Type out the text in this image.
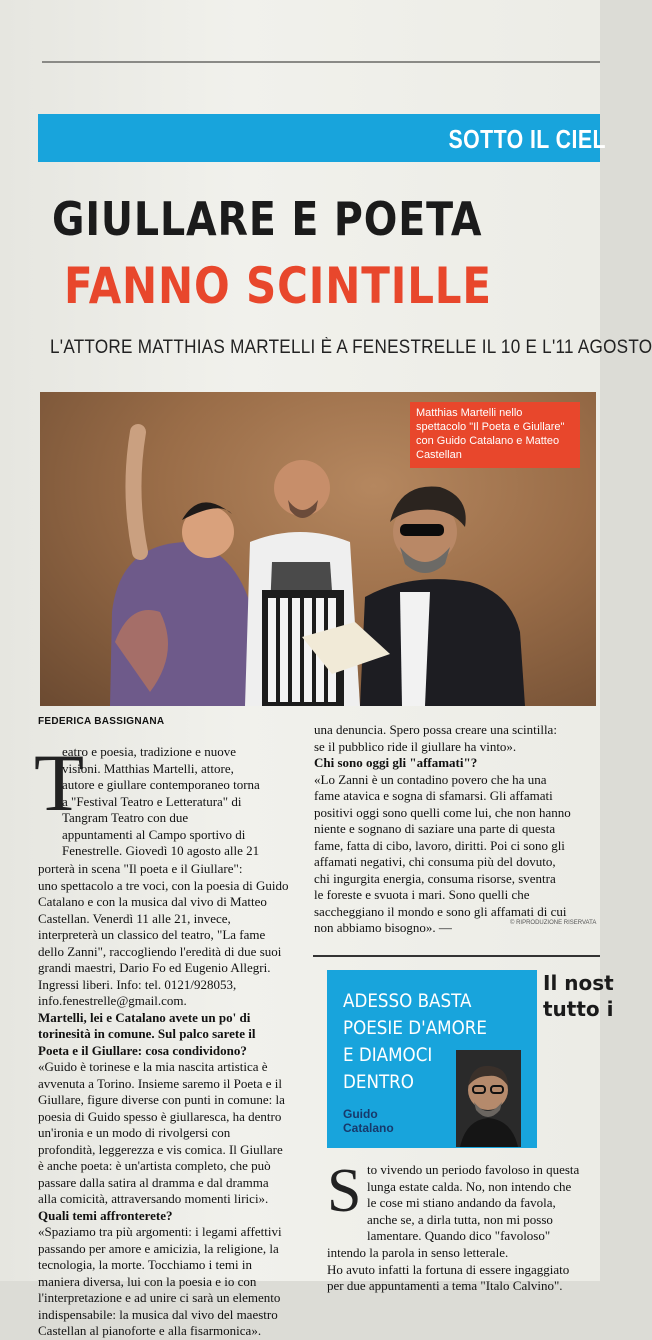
SOTTO IL CIEL
GIULLARE E POETA
FANNO SCINTILLE
L'ATTORE MATTHIAS MARTELLI È A FENESTRELLE IL 10 E L'11 AGOSTO
Matthias Martelli nello spettacolo "Il Poeta e Giullare" con Guido Catalano e Matteo Castellan
FEDERICA BASSIGNANA
T

eatro e poesia, tradizione e nuove

visioni. Matthias Martelli, attore,

autore e giullare contemporaneo torna

a "Festival Teatro e Letteratura" di

Tangram Teatro con due

appuntamenti al Campo sportivo di

Fenestrelle. Giovedì 10 agosto alle 21

porterà in scena "Il poeta e il Giullare":

uno spettacolo a tre voci, con la poesia di Guido

Catalano e con la musica dal vivo di Matteo

Castellan. Venerdì 11 alle 21, invece,

interpreterà un classico del teatro, "La fame

dello Zanni", raccogliendo l'eredità di due suoi

grandi maestri, Dario Fo ed Eugenio Allegri.

Ingressi liberi. Info: tel. 0121/928053,

info.fenestrelle@gmail.com.

Martelli, lei e Catalano avete un po' di

torinesità in comune. Sul palco sarete il

Poeta e il Giullare: cosa condividono?

«Guido è torinese e la mia nascita artistica è

avvenuta a Torino. Insieme saremo il Poeta e il

Giullare, figure diverse con punti in comune: la

poesia di Guido spesso è giullaresca, ha dentro

un'ironia e un modo di rivolgersi con

profondità, leggerezza e vis comica. Il Giullare

è anche poeta: è un'artista completo, che può

passare dalla satira al dramma e dal dramma

alla comicità, attraversando momenti lirici».

Quali temi affronterete?

«Spaziamo tra più argomenti: i legami affettivi

passando per amore e amicizia, la religione, la

tecnologia, la morte. Tocchiamo i temi in

maniera diversa, lui con la poesia e io con

l'interpretazione e ad unire ci sarà un elemento

indispensabile: la musica dal vivo del maestro

Castellan al pianoforte e alla fisarmonica».

una denuncia. Spero possa creare una scintilla:

se il pubblico ride il giullare ha vinto».

Chi sono oggi gli "affamati"?

«Lo Zanni è un contadino povero che ha una

fame atavica e sogna di sfamarsi. Gli affamati

positivi oggi sono quelli come lui, che non hanno

niente e sognano di saziare una parte di questa

fame, fatta di cibo, lavoro, diritti. Poi ci sono gli

affamati negativi, chi consuma più del dovuto,

chi ingurgita energia, consuma risorse, sventra

le foreste e svuota i mari. Sono quelli che

saccheggiano il mondo e sono gli affamati di cui

non abbiamo bisogno». —	© RIPRODUZIONE RISERVATA
ADESSO BASTA
POESIE D'AMORE
E DIAMOCI
DENTRO
Guido
Catalano
Il nost
tutto i
S to vivendo un periodo favoloso in questa

lunga estate calda. No, non intendo che

le cose mi stiano andando da favola,

anche se, a dirla tutta, non mi posso

lamentare. Quando dico "favoloso"

intendo la parola in senso letterale.

Ho avuto infatti la fortuna di essere ingaggiato

per due appuntamenti a tema "Italo Calvino".
